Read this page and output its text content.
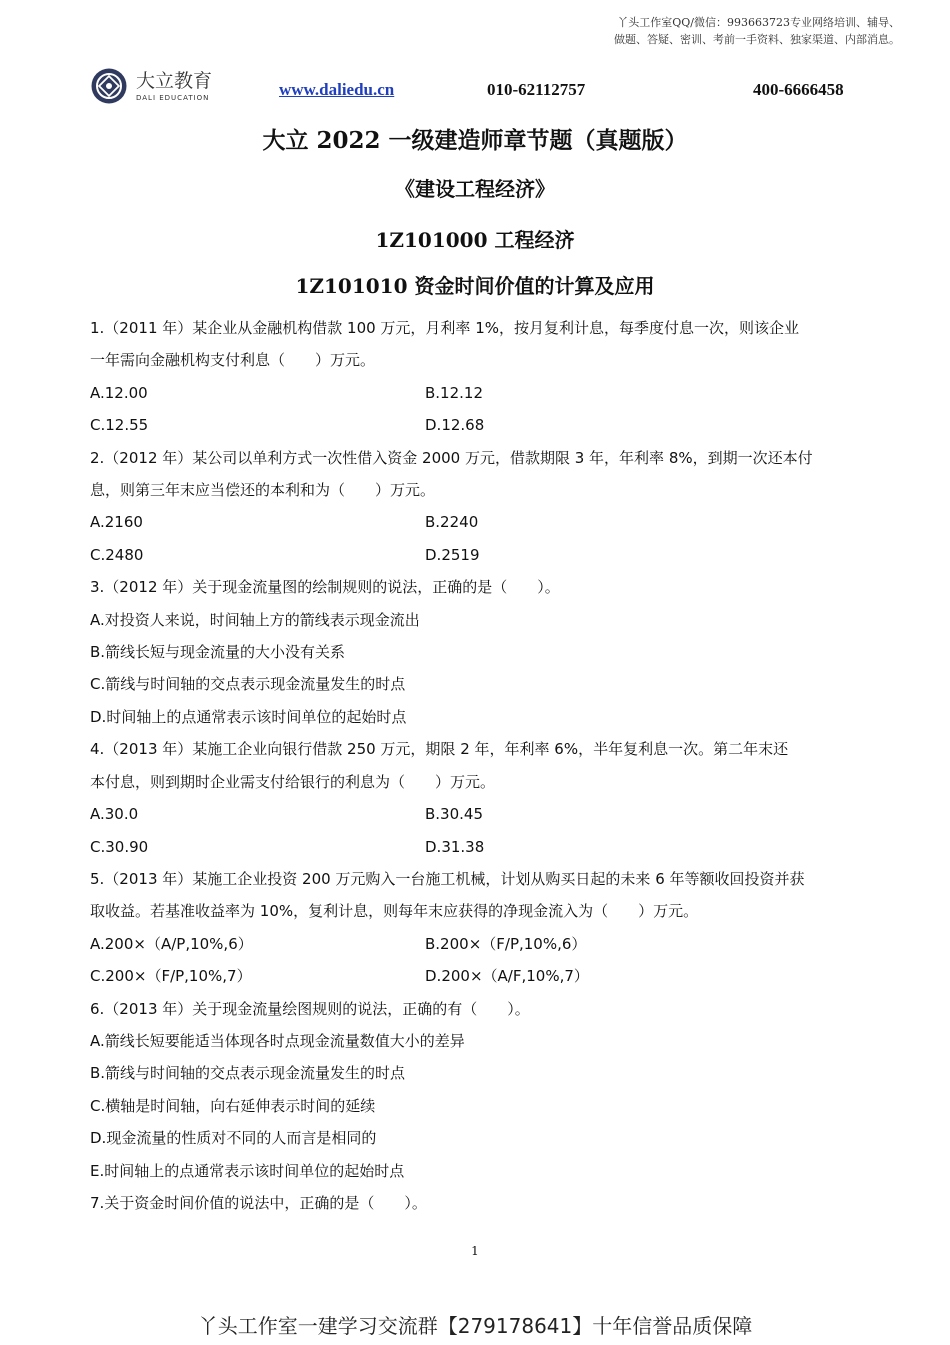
丫头工作室QQ/微信：993663723专业网络培训、辅导、
做题、答疑、密训、考前一手资料、独家渠道、内部消息。
大立教育
DALI EDUCATION	www.daliedu.cn	010-62112757	400-6666458
大立 2022 一级建造师章节题（真题版）
《建设工程经济》
1Z101000 工程经济
1Z101010 资金时间价值的计算及应用

1.（2011 年）某企业从金融机构借款 100 万元，月利率 1%，按月复利计息，每季度付息一次，则该企业

一年需向金融机构支付利息（　　）万元。

A.12.00	B.12.12
C.12.55	D.12.68

2.（2012 年）某公司以单利方式一次性借入资金 2000 万元，借款期限 3 年，年利率 8%，到期一次还本付

息，则第三年末应当偿还的本利和为（　　）万元。

A.2160	B.2240
C.2480	D.2519

3.（2012 年）关于现金流量图的绘制规则的说法，正确的是（　　）。

A.对投资人来说，时间轴上方的箭线表示现金流出

B.箭线长短与现金流量的大小没有关系

C.箭线与时间轴的交点表示现金流量发生的时点

D.时间轴上的点通常表示该时间单位的起始时点

4.（2013 年）某施工企业向银行借款 250 万元，期限 2 年，年利率 6%，半年复利息一次。第二年末还

本付息，则到期时企业需支付给银行的利息为（　　）万元。

A.30.0	B.30.45
C.30.90	D.31.38

5.（2013 年）某施工企业投资 200 万元购入一台施工机械，计划从购买日起的未来 6 年等额收回投资并获

取收益。若基准收益率为 10%，复利计息，则每年末应获得的净现金流入为（　　）万元。

A.200×（A/P,10%,6）	B.200×（F/P,10%,6）
C.200×（F/P,10%,7）	D.200×（A/F,10%,7）

6.（2013 年）关于现金流量绘图规则的说法，正确的有（　　）。

A.箭线长短要能适当体现各时点现金流量数值大小的差异

B.箭线与时间轴的交点表示现金流量发生的时点

C.横轴是时间轴，向右延伸表示时间的延续

D.现金流量的性质对不同的人而言是相同的

E.时间轴上的点通常表示该时间单位的起始时点

7.关于资金时间价值的说法中，正确的是（　　）。

1
丫头工作室一建学习交流群【279178641】十年信誉品质保障
